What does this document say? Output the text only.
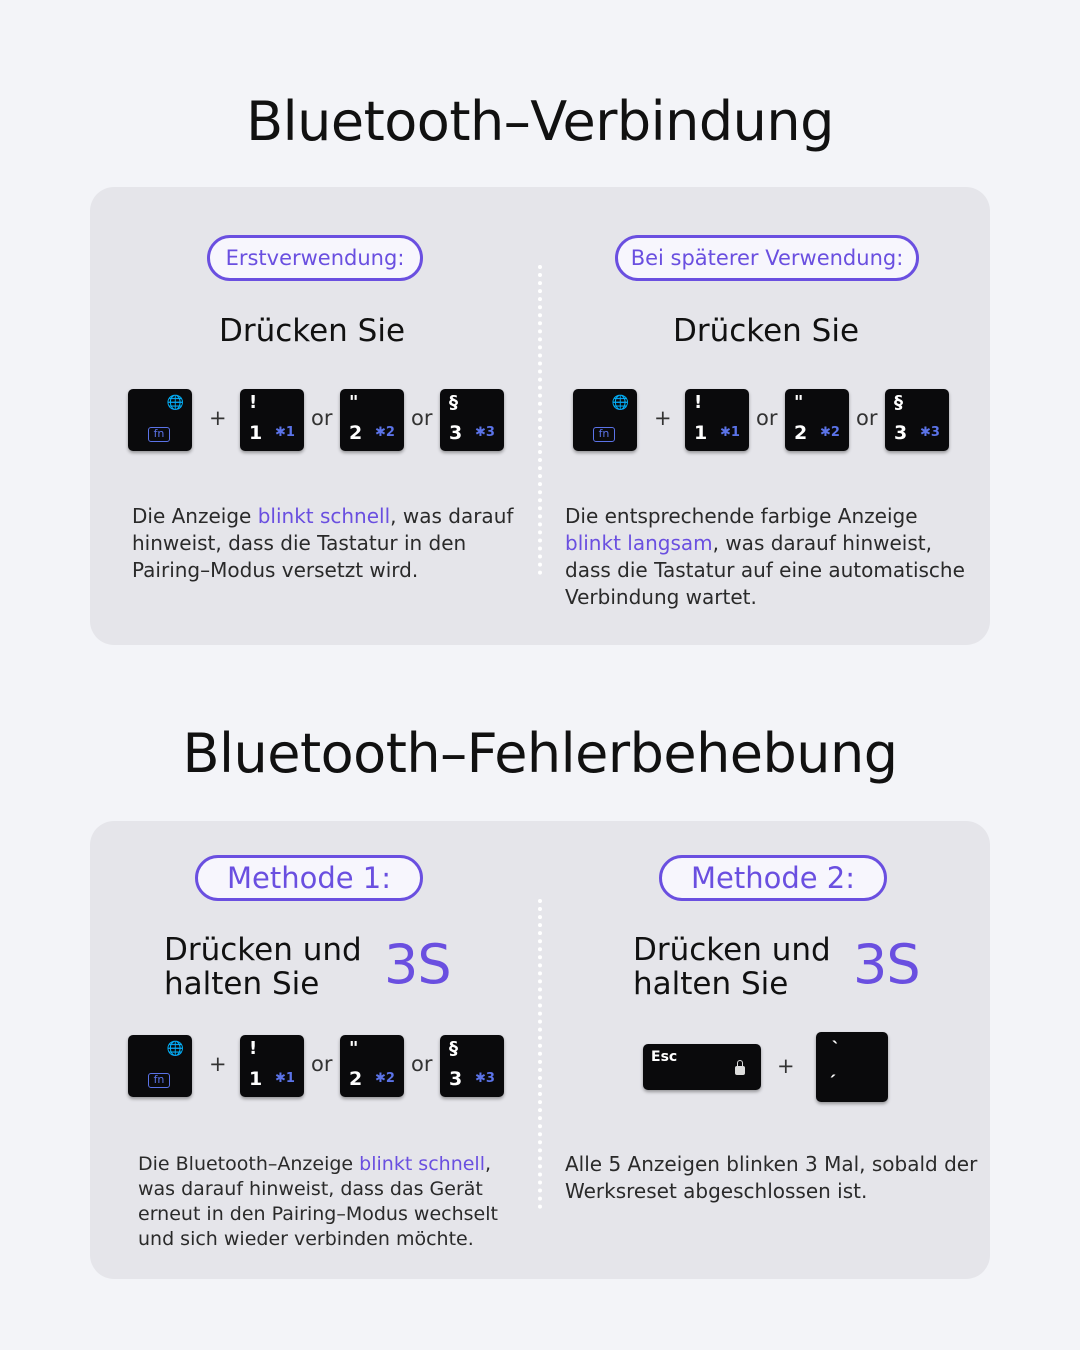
Bluetooth–Verbindung
Erstverwendung:
Drücken Sie
🌐
fn
+
!
1 ✱1
or
"
2 ✱2
or
§
3 ✱3
Die Anzeige blinkt schnell, was darauf hinweist, dass die Tastatur in den Pairing–Modus versetzt wird.
Bei späterer Verwendung:
Drücken Sie
🌐
fn
+
!
1 ✱1
or
"
2 ✱2
or
§
3 ✱3
Die entsprechende farbige Anzeige blinkt langsam, was darauf hinweist, dass die Tastatur auf eine automatische Verbindung wartet.
Bluetooth–Fehlerbehebung
Methode 1:
Drücken und
halten Sie	3S
🌐
fn
+
!
1 ✱1
or
"
2 ✱2
or
§
3 ✱3
Die Bluetooth–Anzeige blinkt schnell, was darauf hinweist, dass das Gerät erneut in den Pairing–Modus wechselt und sich wieder verbinden möchte.
Methode 2:
Drücken und
halten Sie	3S
Esc	+
`
´
Alle 5 Anzeigen blinken 3 Mal, sobald der Werksreset abgeschlossen ist.
